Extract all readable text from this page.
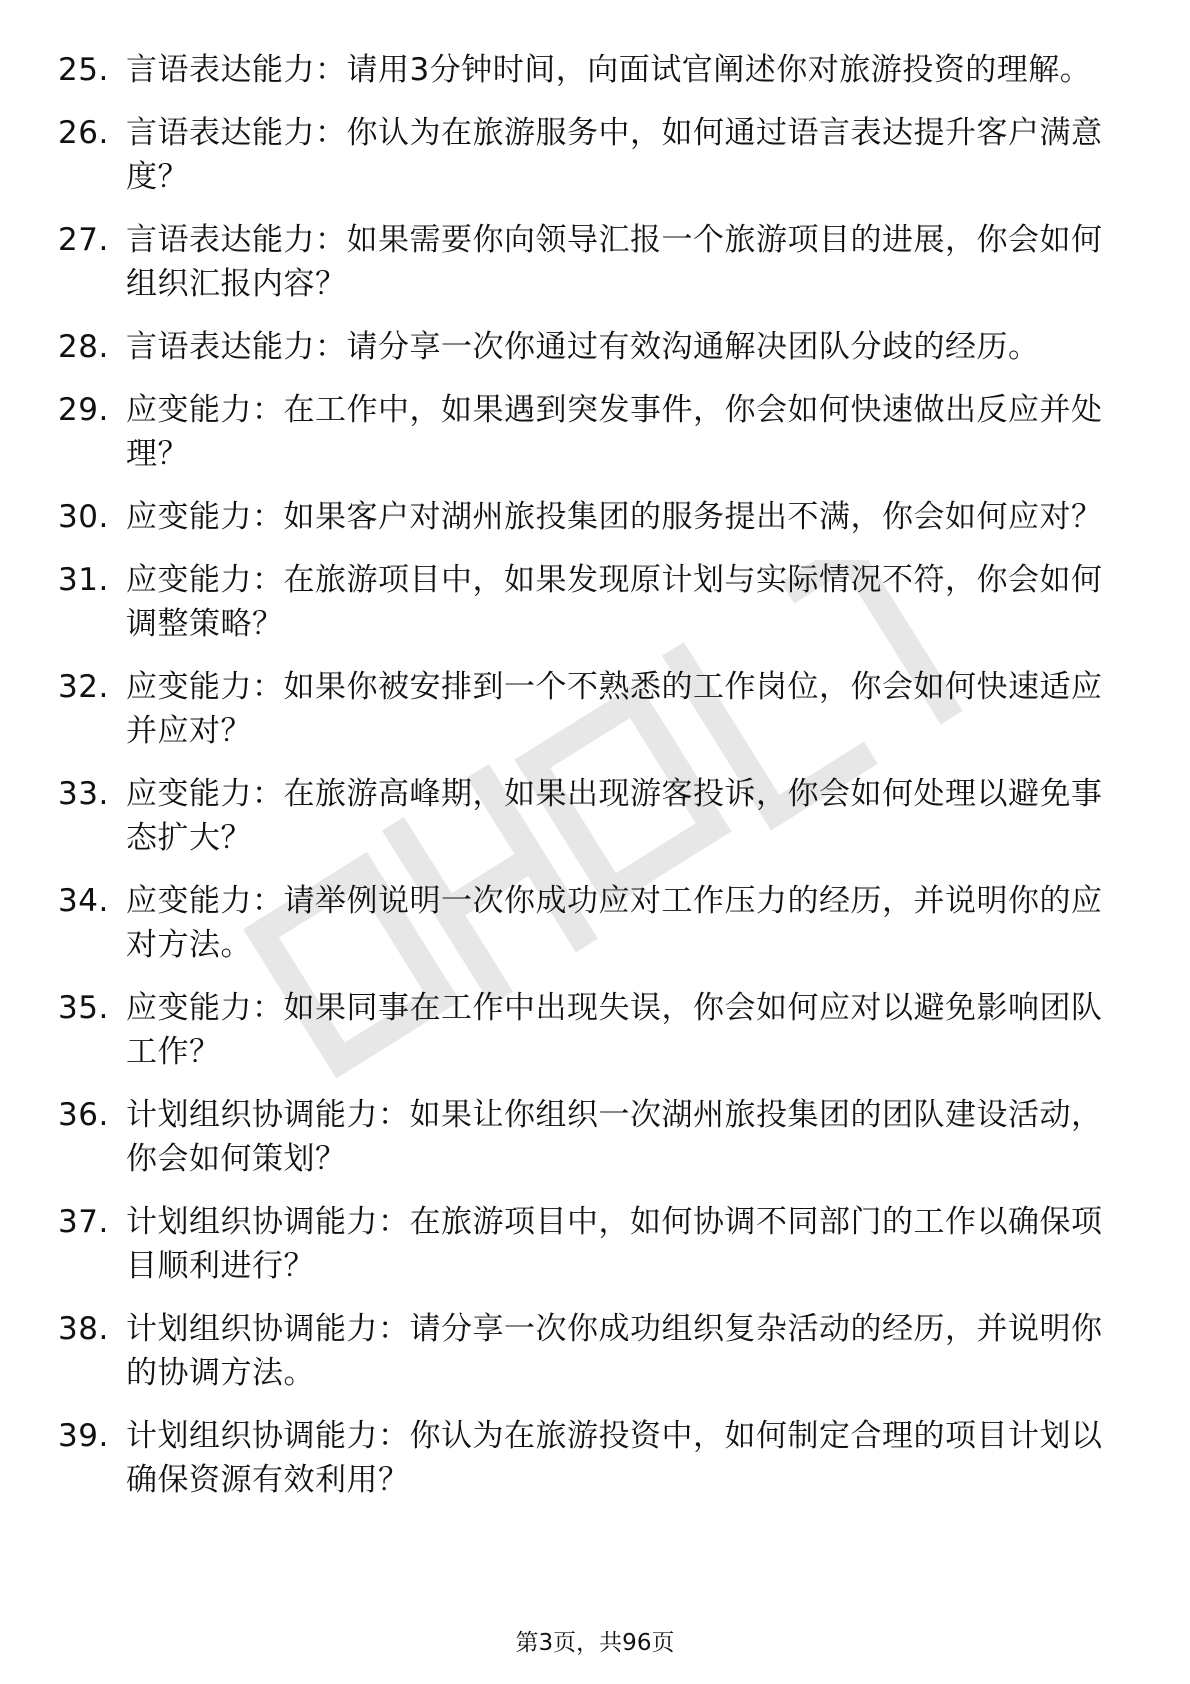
25. 言语表达能力：请用3分钟时间，向面试官阐述你对旅游投资的理解。
26. 言语表达能力：你认为在旅游服务中，如何通过语言表达提升客户满意度？
27. 言语表达能力：如果需要你向领导汇报一个旅游项目的进展，你会如何组织汇报内容？
28. 言语表达能力：请分享一次你通过有效沟通解决团队分歧的经历。
29. 应变能力：在工作中，如果遇到突发事件，你会如何快速做出反应并处理？
30. 应变能力：如果客户对湖州旅投集团的服务提出不满，你会如何应对？
31. 应变能力：在旅游项目中，如果发现原计划与实际情况不符，你会如何调整策略？
32. 应变能力：如果你被安排到一个不熟悉的工作岗位，你会如何快速适应并应对？
33. 应变能力：在旅游高峰期，如果出现游客投诉，你会如何处理以避免事态扩大？
34. 应变能力：请举例说明一次你成功应对工作压力的经历，并说明你的应对方法。
35. 应变能力：如果同事在工作中出现失误，你会如何应对以避免影响团队工作？
36. 计划组织协调能力：如果让你组织一次湖州旅投集团的团队建设活动，你会如何策划？
37. 计划组织协调能力：在旅游项目中，如何协调不同部门的工作以确保项目顺利进行？
38. 计划组织协调能力：请分享一次你成功组织复杂活动的经历，并说明你的协调方法。
39. 计划组织协调能力：你认为在旅游投资中，如何制定合理的项目计划以确保资源有效利用？
第3页，共96页
